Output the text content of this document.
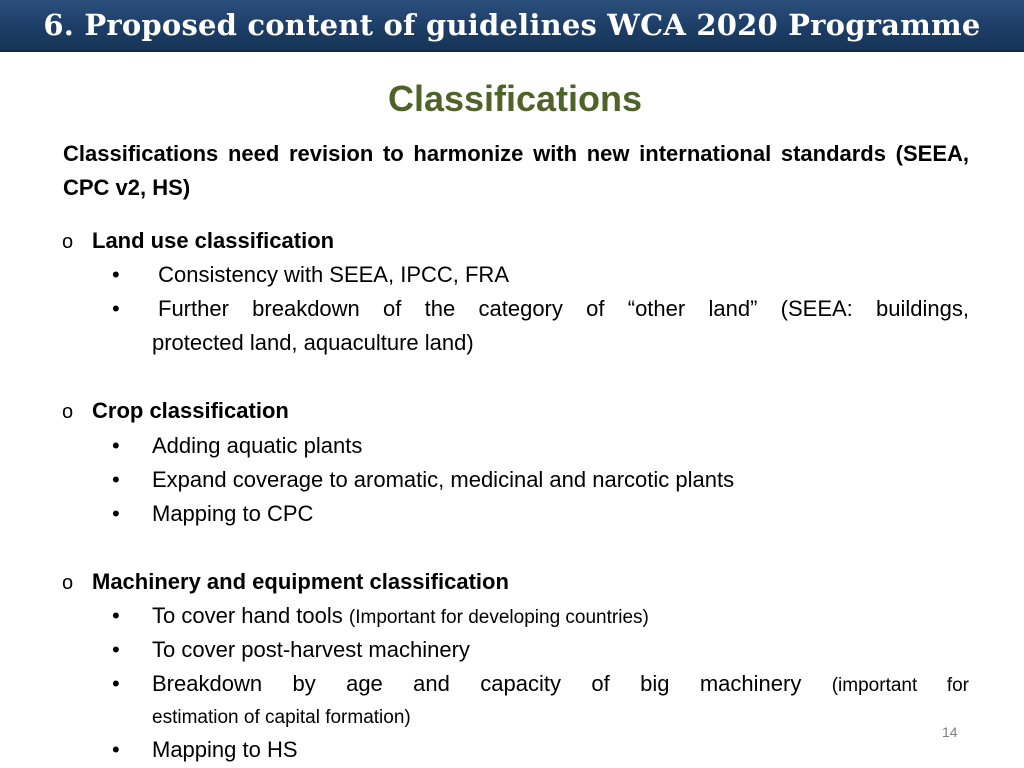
6. Proposed content of guidelines WCA 2020 Programme
Classifications

Classifications need revision to harmonize with new international standards (SEEA, CPC v2, HS)

o Land use classification
•	Consistency with SEEA, IPCC, FRA
•	Further breakdown of the category of “other land” (SEEA: buildings,
protected land, aquaculture land)
o Crop classification
•	Adding aquatic plants
•	Expand coverage to aromatic, medicinal and narcotic plants
•	Mapping to CPC
o Machinery and equipment classification
•	To cover hand tools (Important for developing countries)
•	To cover post-harvest machinery
•	Breakdown by age and capacity of big machinery (important for
estimation of capital formation)
•	Mapping to HS
14
